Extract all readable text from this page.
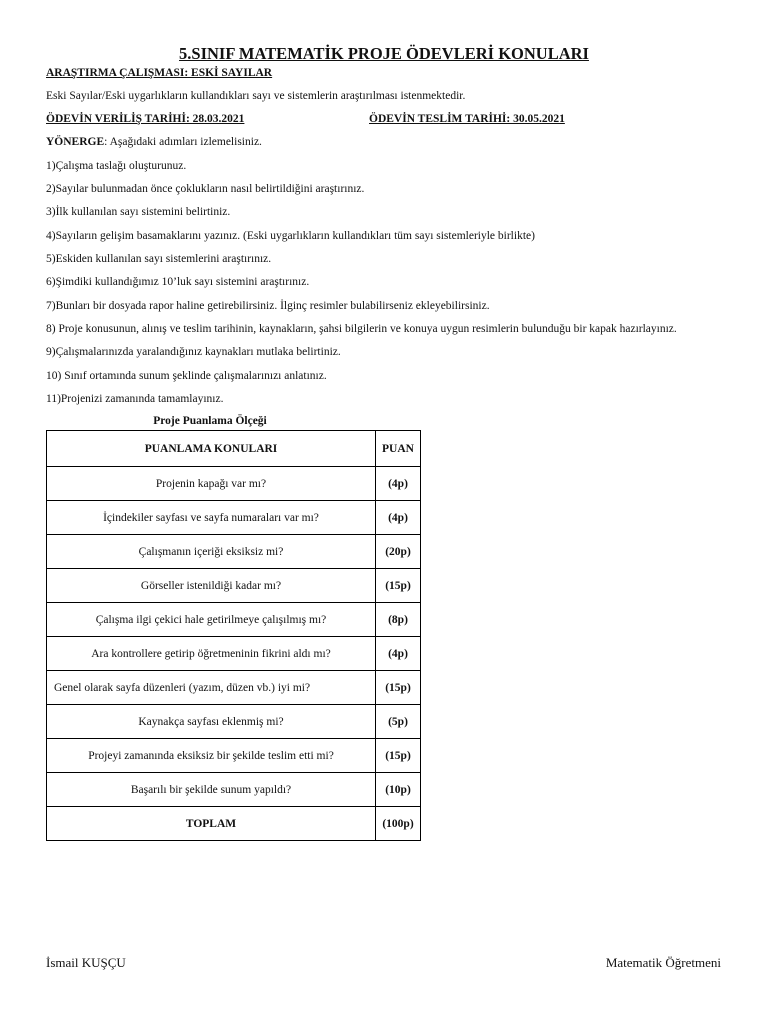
5.SINIF MATEMATİK PROJE ÖDEVLERİ KONULARI
ARAŞTIRMA ÇALIŞMASI: ESKİ SAYILAR
Eski Sayılar/Eski uygarlıkların kullandıkları sayı ve sistemlerin araştırılması istenmektedir.
ÖDEVİN VERİLİŞ TARİHİ: 28.03.2021	ÖDEVİN TESLİM TARİHİ: 30.05.2021
YÖNERGE: Aşağıdaki adımları izlemelisiniz.
1)Çalışma taslağı oluşturunuz.
2)Sayılar bulunmadan önce çoklukların nasıl belirtildiğini araştırınız.
3)İlk kullanılan sayı sistemini belirtiniz.
4)Sayıların gelişim basamaklarını yazınız. (Eski uygarlıkların kullandıkları tüm sayı sistemleriyle birlikte)
5)Eskiden kullanılan sayı sistemlerini araştırınız.
6)Şimdiki kullandığımız 10’luk sayı sistemini araştırınız.
7)Bunları bir dosyada rapor haline getirebilirsiniz. İlginç resimler bulabilirseniz ekleyebilirsiniz.
8) Proje konusunun, alınış ve teslim tarihinin, kaynakların, şahsi bilgilerin ve konuya uygun resimlerin bulunduğu bir kapak hazırlayınız.
9)Çalışmalarınızda yaralandığınız kaynakları mutlaka belirtiniz.
10) Sınıf ortamında sunum şeklinde çalışmalarınızı anlatınız.
11)Projenizi zamanında tamamlayınız.
Proje Puanlama Ölçeği
PUANLAMA KONULARI	PUAN
Projenin kapağı var mı?	(4p)
İçindekiler sayfası ve sayfa numaraları var mı?	(4p)
Çalışmanın içeriği eksiksiz mi?	(20p)
Görseller istenildiği kadar mı?	(15p)
Çalışma ilgi çekici hale getirilmeye çalışılmış mı?	(8p)
Ara kontrollere getirip öğretmeninin fikrini aldı mı?	(4p)
Genel olarak sayfa düzenleri (yazım, düzen vb.) iyi mi?	(15p)
Kaynakça sayfası eklenmiş mi?	(5p)
Projeyi zamanında eksiksiz bir şekilde teslim etti mi?	(15p)
Başarılı bir şekilde sunum yapıldı?	(10p)
TOPLAM	(100p)
İsmail KUŞÇU	Matematik Öğretmeni
